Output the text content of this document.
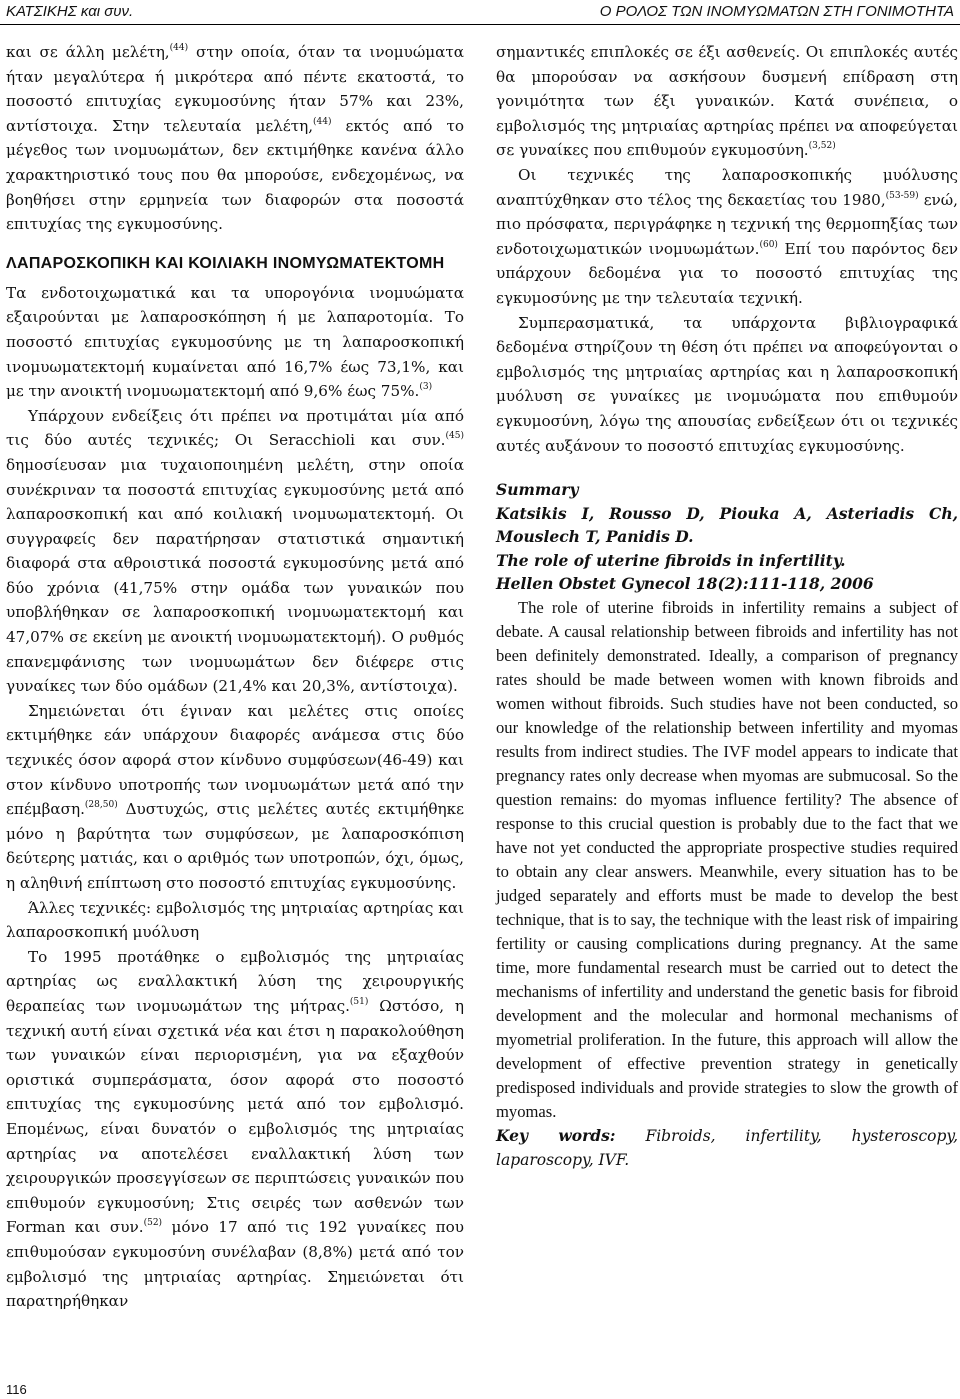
ΚΑΤΣΙΚΗΣ και συν.	Ο ΡΟΛΟΣ ΤΩΝ ΙΝΟΜΥΩΜΑΤΩΝ ΣΤΗ ΓΟΝΙΜΟΤΗΤΑ

και σε άλλη μελέτη,$^{(44)}$ στην οποία, όταν τα ινομυώματα ήταν μεγαλύτερα ή μικρότερα από πέντε εκατοστά, το ποσοστό επιτυχίας εγκυμοσύνης ήταν 57% και 23%, αντίστοιχα. Στην τελευταία μελέτη,$^{(44)}$ εκτός από το μέγεθος των ινομυωμάτων, δεν εκτιμήθηκε κανένα άλλο χαρακτηριστικό τους που θα μπορούσε, ενδεχομένως, να βοηθήσει στην ερμηνεία των διαφορών στα ποσοστά επιτυχίας της εγκυμοσύνης.

ΛΑΠΑΡΟΣΚΟΠΙΚΗ ΚΑΙ ΚΟΙΛΙΑΚΗ ΙΝΟΜΥΩΜΑΤΕΚΤΟΜΗ

Τα ενδοτοιχωματικά και τα υπορογόνια ινομυώματα εξαιρούνται με λαπαροσκόπηση ή με λαπαροτομία. Το ποσοστό επιτυχίας εγκυμοσύνης με τη λαπαροσκοπική ινομυωματεκτομή κυμαίνεται από 16,7% έως 73,1%, και με την ανοικτή ινομυωματεκτομή από 9,6% έως 75%.$^{(3)}$

Υπάρχουν ενδείξεις ότι πρέπει να προτιμάται μία από τις δύο αυτές τεχνικές; Οι Seracchioli και συν.$^{(45)}$ δημοσίευσαν μια τυχαιοποιημένη μελέτη, στην οποία συνέκριναν τα ποσοστά επιτυχίας εγκυμοσύνης μετά από λαπαροσκοπική και από κοιλιακή ινομυωματεκτομή. Οι συγγραφείς δεν παρατήρησαν στατιστικά σημαντική διαφορά στα αθροιστικά ποσοστά εγκυμοσύνης μετά από δύο χρόνια (41,75% στην ομάδα των γυναικών που υποβλήθηκαν σε λαπαροσκοπική ινομυωματεκτομή και 47,07% σε εκείνη με ανοικτή ινομυωματεκτομή). Ο ρυθμός επανεμφάνισης των ινομυωμάτων δεν διέφερε στις γυναίκες των δύο ομάδων (21,4% και 20,3%, αντίστοιχα).

Σημειώνεται ότι έγιναν και μελέτες στις οποίες εκτιμήθηκε εάν υπάρχουν διαφορές ανάμεσα στις δύο τεχνικές όσον αφορά στον κίνδυνο συμφύσεων(46-49) και στον κίνδυνο υποτροπής των ινομυωμάτων μετά από την επέμβαση.$^{(28,50)}$ Δυστυχώς, στις μελέτες αυτές εκτιμήθηκε μόνο η βαρύτητα των συμφύσεων, με λαπαροσκόπιση δεύτερης ματιάς, και ο αριθμός των υποτροπών, όχι, όμως, η αληθινή επίπτωση στο ποσοστό επιτυχίας εγκυμοσύνης.

Άλλες τεχνικές: εμβολισμός της μητριαίας αρτηρίας και λαπαροσκοπική μυόλυση

Το 1995 προτάθηκε ο εμβολισμός της μητριαίας αρτηρίας ως εναλλακτική λύση της χειρουργικής θεραπείας των ινομυωμάτων της μήτρας.$^{(51)}$ Ωστόσο, η τεχνική αυτή είναι σχετικά νέα και έτσι η παρακολούθηση των γυναικών είναι περιορισμένη, για να εξαχθούν οριστικά συμπεράσματα, όσον αφορά στο ποσοστό επιτυχίας της εγκυμοσύνης μετά από τον εμβολισμό. Επομένως, είναι δυνατόν ο εμβολισμός της μητριαίας αρτηρίας να αποτελέσει εναλλακτική λύση των χειρουργικών προσεγγίσεων σε περιπτώσεις γυναικών που επιθυμούν εγκυμοσύνη; Στις σειρές των ασθενών των Forman και συν.$^{(52)}$ μόνο 17 από τις 192 γυναίκες που επιθυμούσαν εγκυμοσύνη συνέλαβαν (8,8%) μετά από τον εμβολισμό της μητριαίας αρτηρίας. Σημειώνεται ότι παρατηρήθηκαν

σημαντικές επιπλοκές σε έξι ασθενείς. Οι επιπλοκές αυτές θα μπορούσαν να ασκήσουν δυσμενή επίδραση στη γονιμότητα των έξι γυναικών. Κατά συνέπεια, ο εμβολισμός της μητριαίας αρτηρίας πρέπει να αποφεύγεται σε γυναίκες που επιθυμούν εγκυμοσύνη.$^{(3,52)}$

Οι τεχνικές της λαπαροσκοπικής μυόλυσης αναπτύχθηκαν στο τέλος της δεκαετίας του 1980,$^{(53-59)}$ ενώ, πιο πρόσφατα, περιγράφηκε η τεχνική της θερμοπηξίας των ενδοτοιχωματικών ινομυωμάτων.$^{(60)}$ Επί του παρόντος δεν υπάρχουν δεδομένα για το ποσοστό επιτυχίας της εγκυμοσύνης με την τελευταία τεχνική.

Συμπερασματικά, τα υπάρχοντα βιβλιογραφικά δεδομένα στηρίζουν τη θέση ότι πρέπει να αποφεύγονται ο εμβολισμός της μητριαίας αρτηρίας και η λαπαροσκοπική μυόλυση σε γυναίκες με ινομυώματα που επιθυμούν εγκυμοσύνη, λόγω της απουσίας ενδείξεων ότι οι τεχνικές αυτές αυξάνουν το ποσοστό επιτυχίας εγκυμοσύνης.

Summary
Katsikis I, Rousso D, Piouka A, Asteriadis Ch, Mouslech T, Panidis D.
The role of uterine fibroids in infertility.
Hellen Obstet Gynecol 18(2):111-118, 2006

The role of uterine fibroids in infertility remains a subject of debate. A causal relationship between fibroids and infertility has not been definitely demonstrated. Ideally, a comparison of pregnancy rates should be made between women with known fibroids and women without fibroids. Such studies have not been conducted, so our knowledge of the relationship between infertility and myomas results from indirect studies. The IVF model appears to indicate that pregnancy rates only decrease when myomas are submucosal. So the question remains: do myomas influence fertility? The absence of response to this crucial question is probably due to the fact that we have not yet conducted the appropriate prospective studies required to obtain any clear answers. Meanwhile, every situation has to be judged separately and efforts must be made to develop the best technique, that is to say, the technique with the least risk of impairing fertility or causing complications during pregnancy. At the same time, more fundamental research must be carried out to detect the mechanisms of infertility and understand the genetic basis for fibroid development and the molecular and hormonal mechanisms of myometrial proliferation. In the future, this approach will allow the development of effective prevention strategy in genetically predisposed individuals and provide strategies to slow the growth of myomas.

Key words: Fibroids, infertility, hysteroscopy, laparoscopy, IVF.

116
